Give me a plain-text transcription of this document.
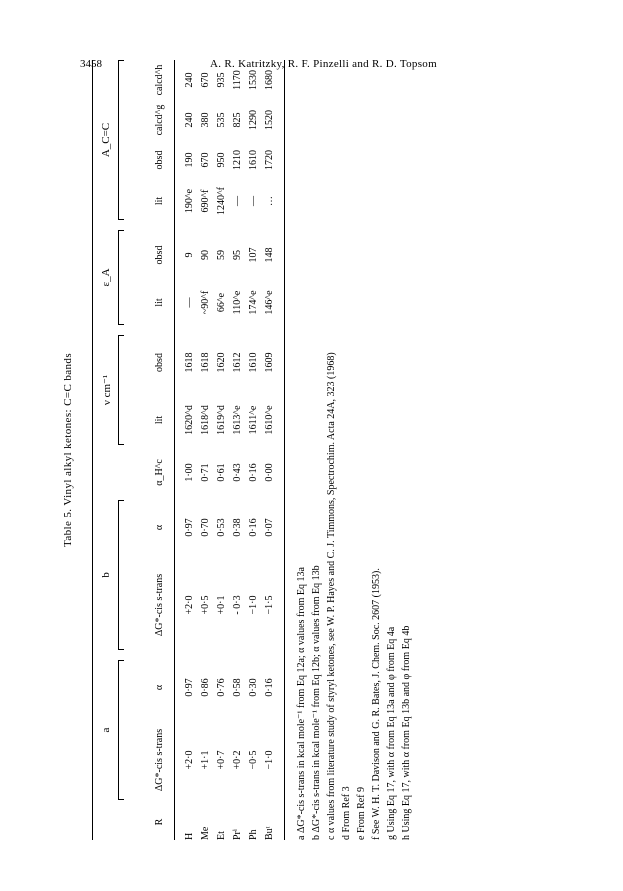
3458	A. R. Katritzky, R. F. Pinzelli and R. D. Topsom
Table 5. Vinyl alkyl ketones: C=C bands
a
b
ν cm⁻¹
ε_A
A_C=C
R
ΔG*-cis s-trans
α
ΔG*-cis s-trans
α
α_H^c
lit
obsd
lit
obsd
lit
obsd
calcd^g
calcd^h
H
+2·0
0·97
+2·0
0·97
1·00
1620^d
1618
—
9
190^e
190
240
240
Me
+1·1
0·86
+0·5
0·70
0·71
1618^d
1618
~90^f
90
690^f
670
380
670
Et
+0·7
0·76
+0·1
0·53
0·61
1619^d
1620
66^e
59
1240^f
950
535
935
Prⁱ
+0·2
0·58
- 0·3
0·38
0·43
1613^e
1612
110^e
95
—
1210
825
1170
Ph
−0·5
0·30
−1·0
0·16
0·16
1611^e
1610
174^e
107
—
1610
1290
1530
Buᵗ
−1·0
0·16
−1·5
0·07
0·00
1610^e
1609
146^e
148
…
1720
1520
1680
a ΔG*-cis s-trans in kcal mole⁻¹ from Eq 12a; α values from Eq 13a b ΔG*-cis s-trans in kcal mole⁻¹ from Eq 12b; α values from Eq 13b c α values from literature study of styryl ketones, see W. P. Hayes and C. J. Timmons, Spectrochim. Acta 24A, 323 (1968) d From Ref 3 e From Ref 9 f See W. H. T. Davison and G. R. Bates, J. Chem. Soc. 2607 (1953). g Using Eq 17, with α from Eq 13a and φ from Eq 4a h Using Eq 17, with α from Eq 13b and φ from Eq 4b
